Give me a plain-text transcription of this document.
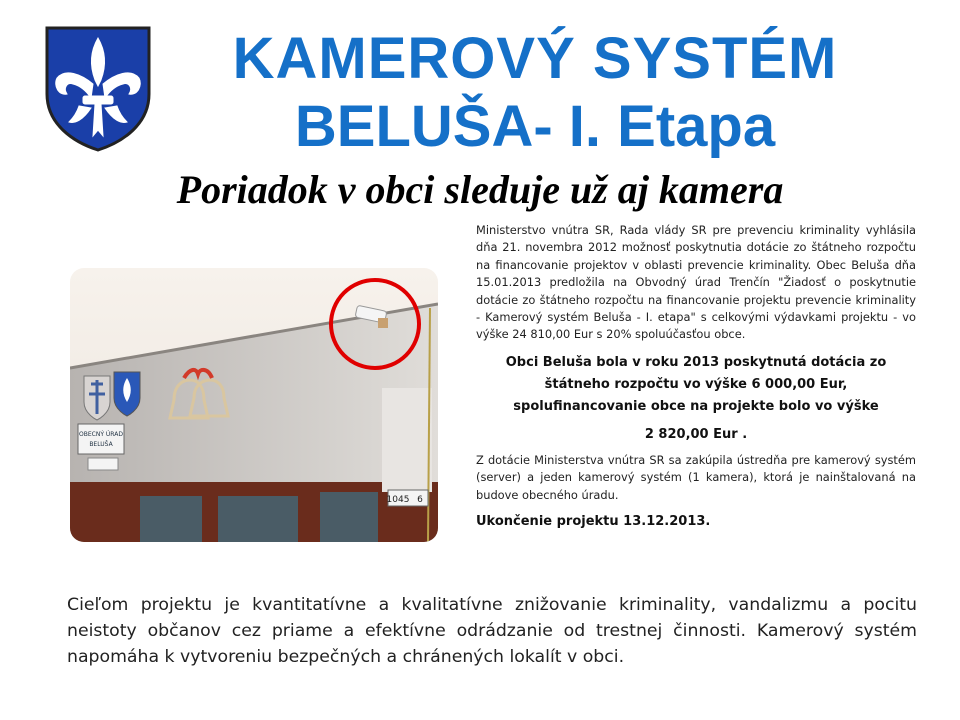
KAMEROVÝ SYSTÉM
BELUŠA- I. Etapa
Poriadok v obci sleduje už aj kamera
OBECNÝ ÚRAD
BELUŠA
1045 6

Ministerstvo vnútra SR, Rada vlády SR pre prevenciu kriminality vyhlásila dňa 21. novembra 2012 možnosť poskytnutia dotácie zo štátneho rozpočtu na financovanie projektov v oblasti prevencie kriminality. Obec Beluša dňa 15.01.2013 predložila na Obvodný úrad Trenčín "Žiadosť o poskytnutie dotácie zo štátneho rozpočtu na financovanie projektu prevencie kriminality - Kamerový systém Beluša - I. etapa" s celkovými výdavkami projektu - vo výške 24 810,00 Eur s 20% spoluúčasťou obce.

Obci Beluša bola v roku 2013 poskytnutá dotácia zo štátneho rozpočtu vo výške 6 000,00 Eur, spolufinancovanie obce na projekte bolo vo výške
2 820,00 Eur .

Z dotácie Ministerstva vnútra SR sa zakúpila ústredňa pre kamerový systém (server) a jeden kamerový systém (1 kamera), ktorá je nainštalovaná na budove obecného úradu.

Ukončenie projektu 13.12.2013.

Cieľom projektu je kvantitatívne a kvalitatívne znižovanie kriminality, vandalizmu a pocitu neistoty občanov cez priame a efektívne odrádzanie od trestnej činnosti. Kamerový systém napomáha k vytvoreniu bezpečných a chránených lokalít v obci.
